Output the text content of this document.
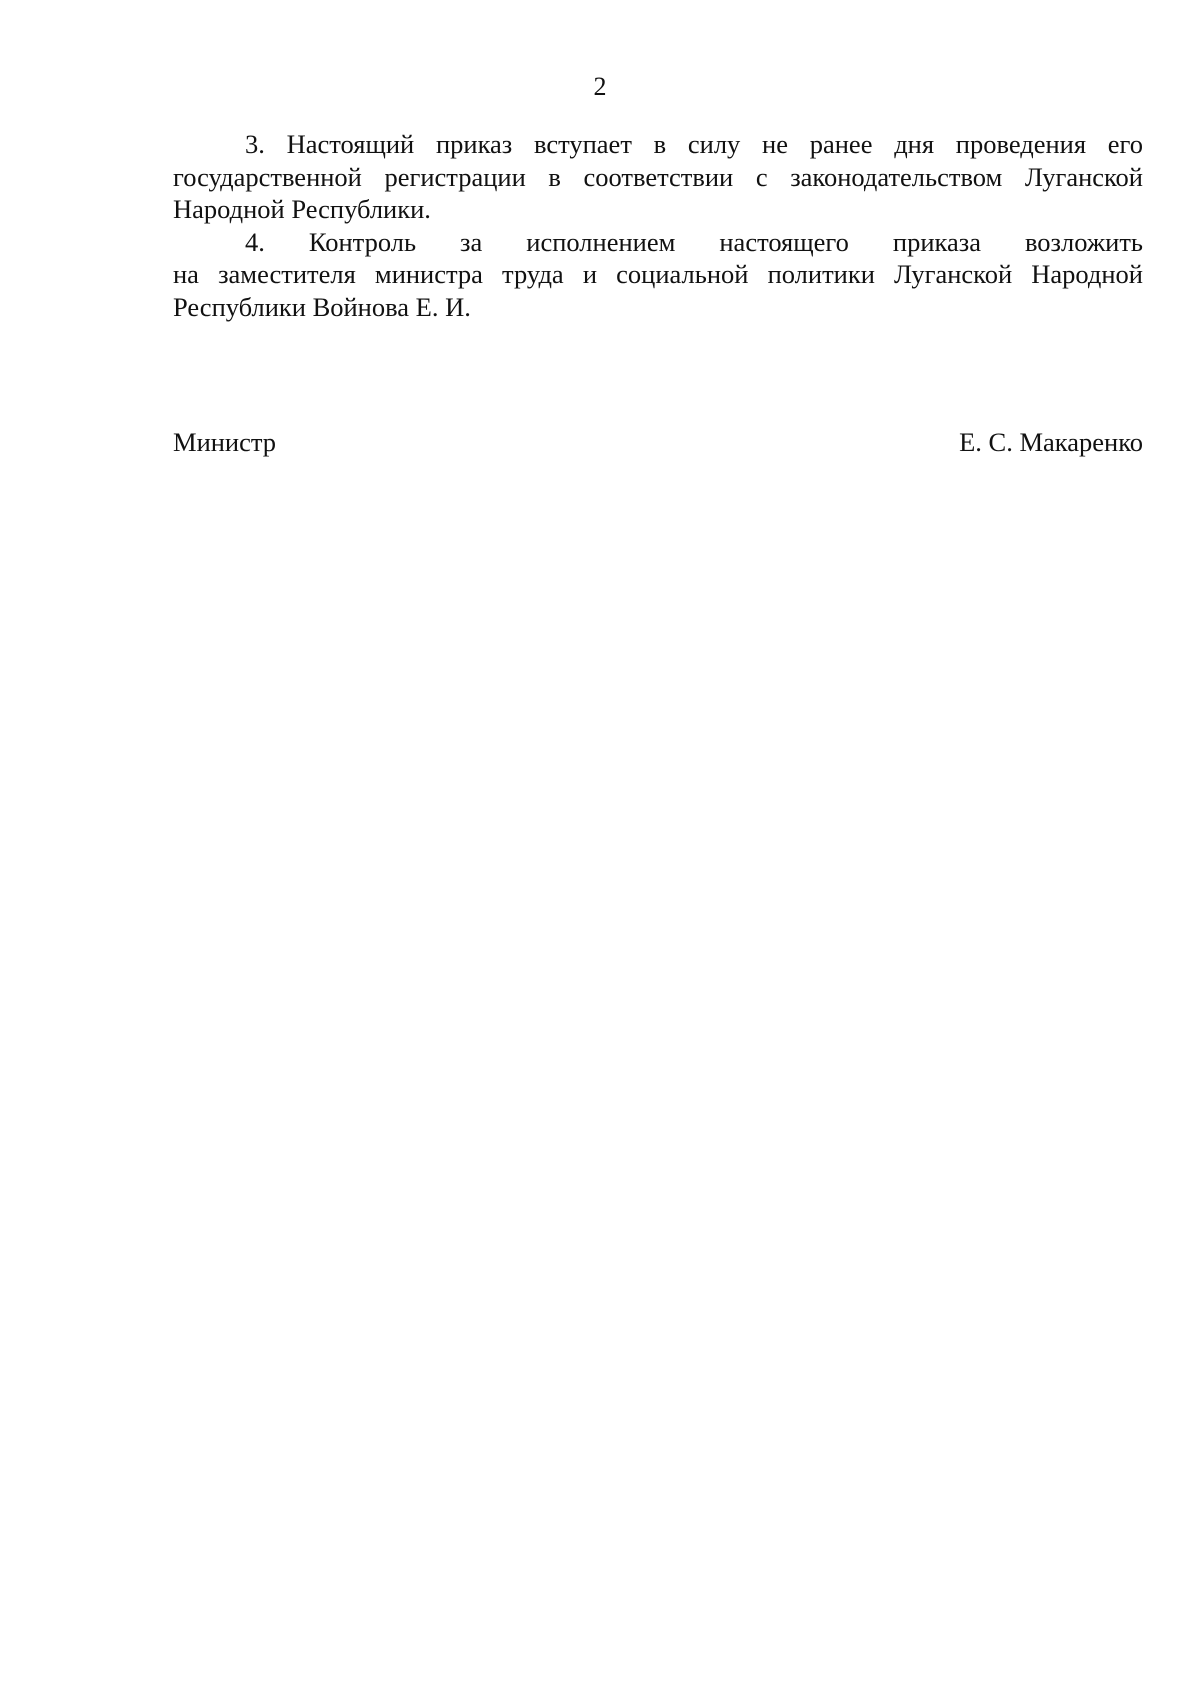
2

3. Настоящий приказ вступает в силу не ранее дня проведения его
государственной регистрации в соответствии с законодательством Луганской
Народной Республики.

4. Контроль за исполнением настоящего приказа возложить
на заместителя министра труда и социальной политики Луганской Народной
Республики Войнова Е. И.

Министр	Е. С. Макаренко
